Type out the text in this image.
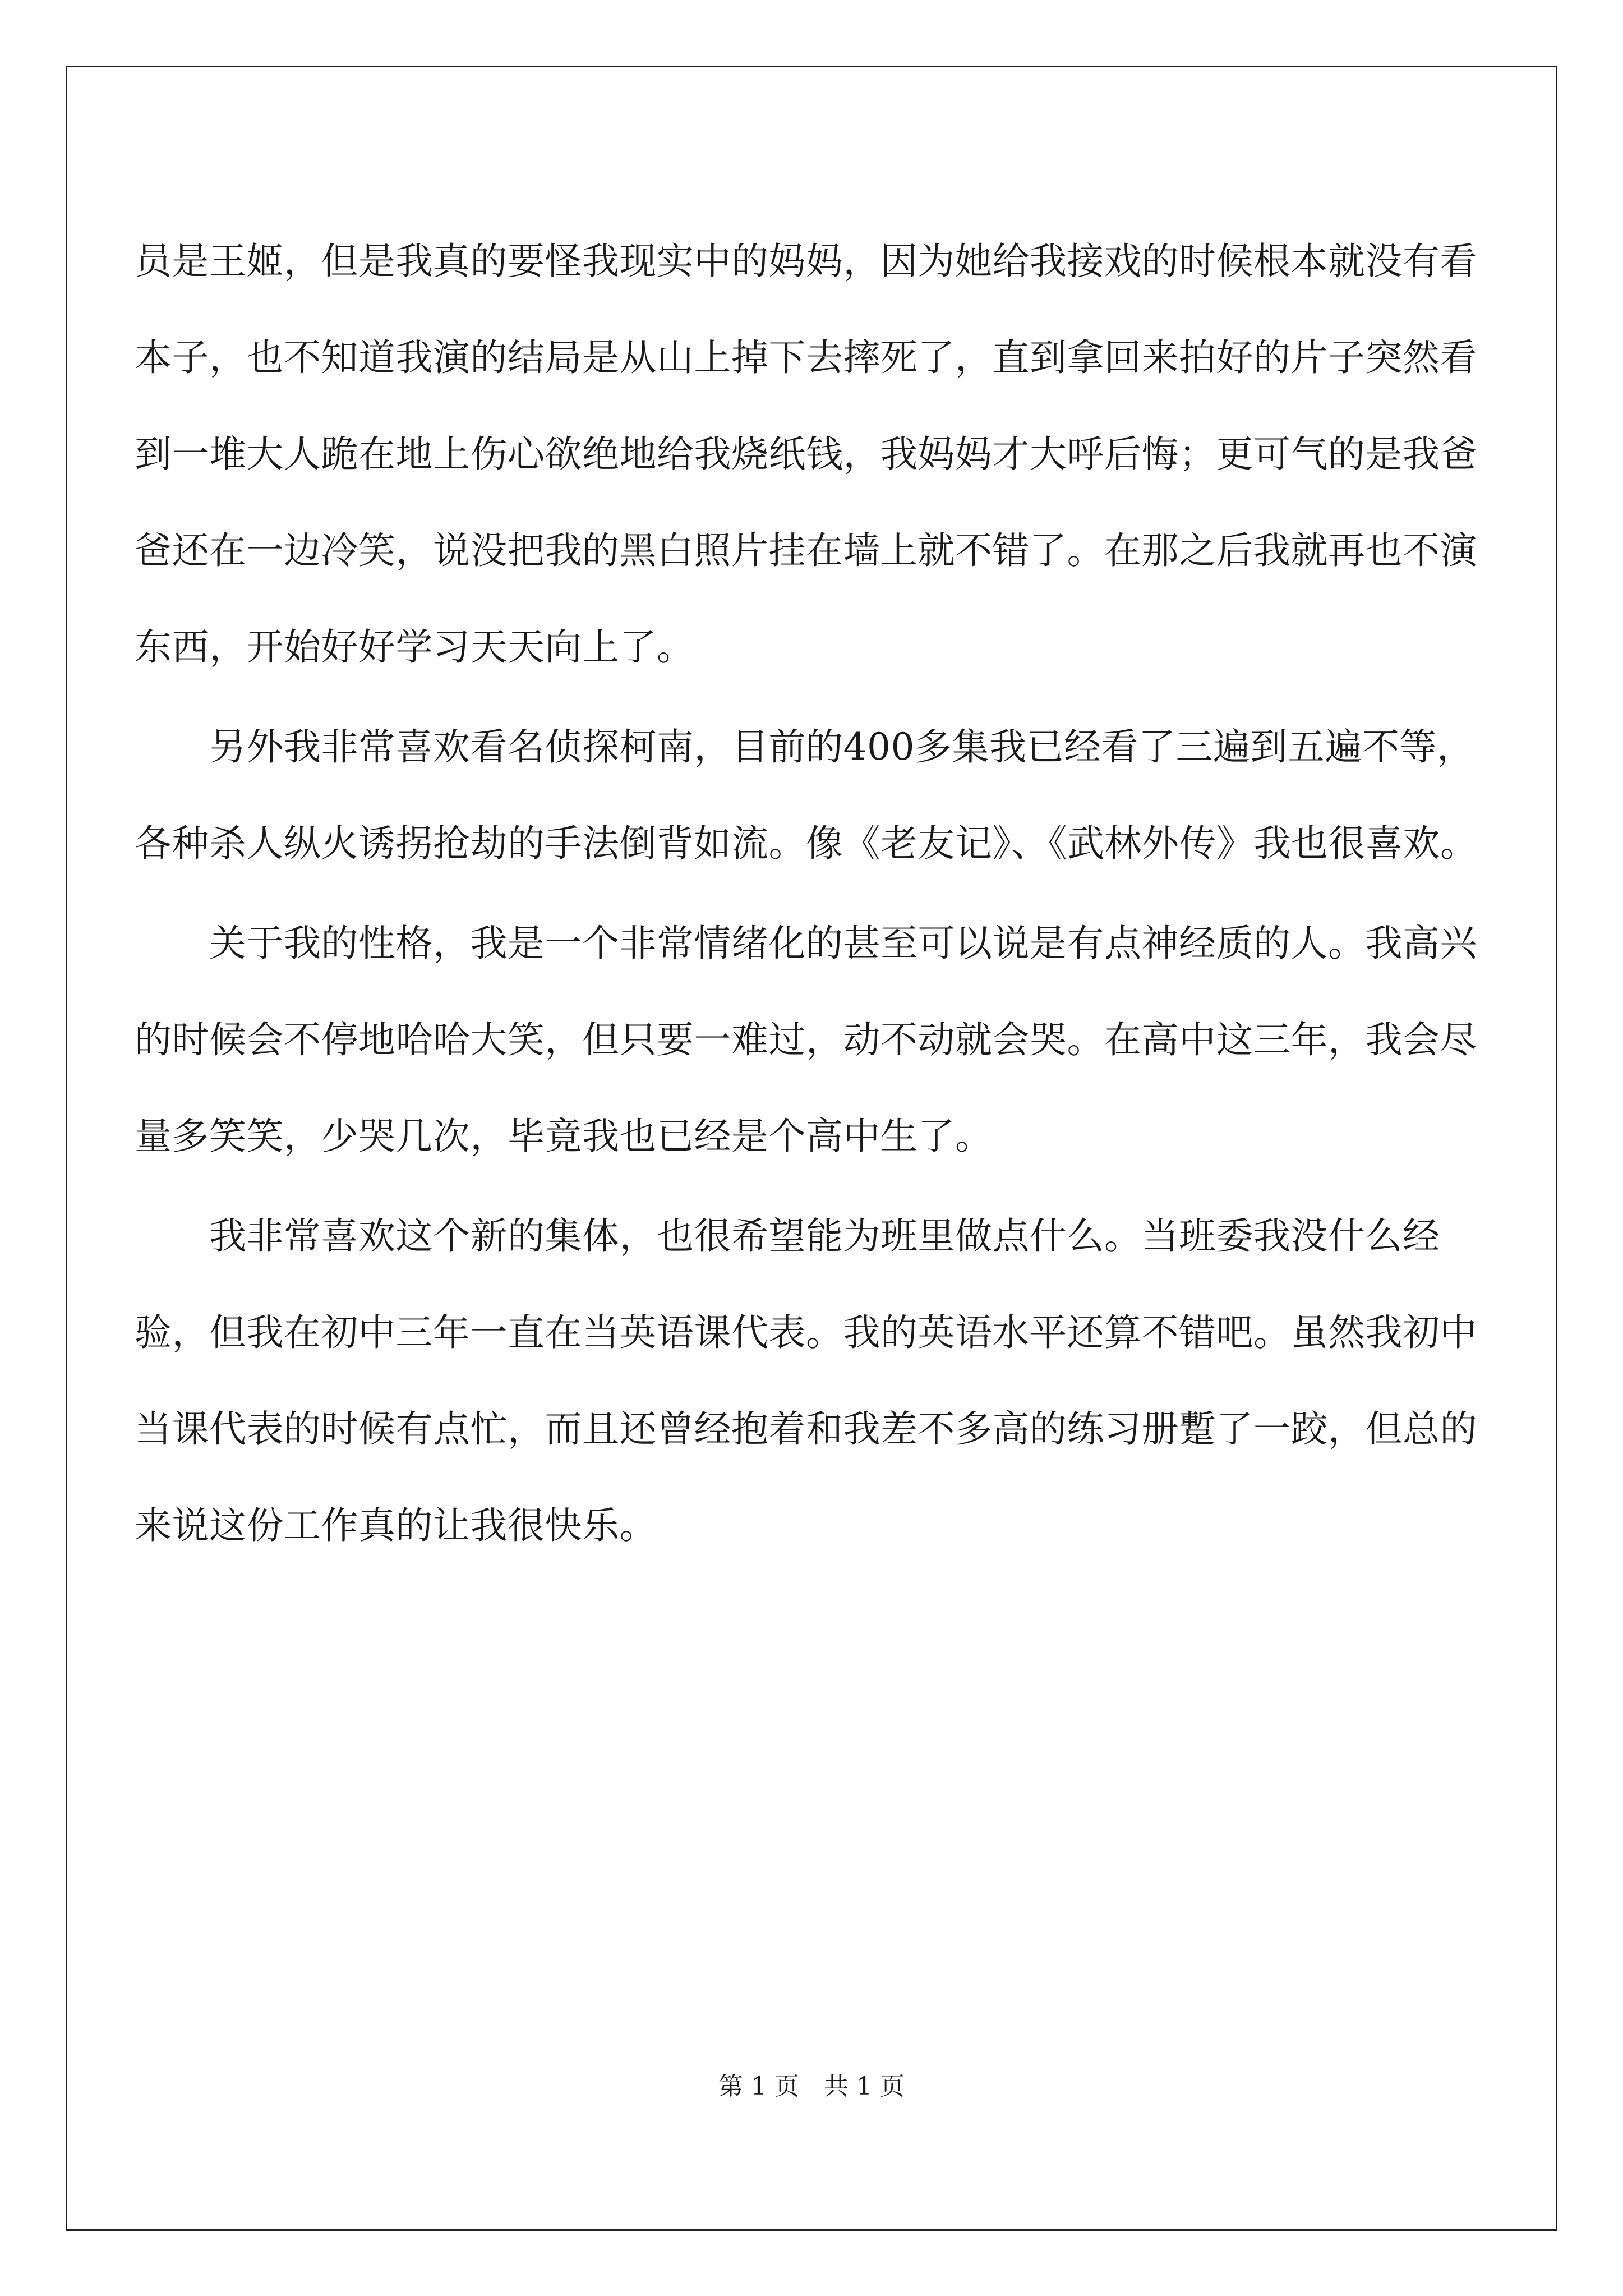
员是王姬，但是我真的要怪我现实中的妈妈，因为她给我接戏的时候根本就没有看本子，也不知道我演的结局是从山上掉下去摔死了，直到拿回来拍好的片子突然看到一堆大人跪在地上伤心欲绝地给我烧纸钱，我妈妈才大呼后悔；更可气的是我爸爸还在一边冷笑，说没把我的黑白照片挂在墙上就不错了。在那之后我就再也不演东西，开始好好学习天天向上了。

　　另外我非常喜欢看名侦探柯南，目前的400多集我已经看了三遍到五遍不等，各种杀人纵火诱拐抢劫的手法倒背如流。像《老友记》、《武林外传》我也很喜欢。

　　关于我的性格，我是一个非常情绪化的甚至可以说是有点神经质的人。我高兴的时候会不停地哈哈大笑，但只要一难过，动不动就会哭。在高中这三年，我会尽量多笑笑，少哭几次，毕竟我也已经是个高中生了。

　　我非常喜欢这个新的集体，也很希望能为班里做点什么。当班委我没什么经验，但我在初中三年一直在当英语课代表。我的英语水平还算不错吧。虽然我初中当课代表的时候有点忙，而且还曾经抱着和我差不多高的练习册蹔了一跤，但总的来说这份工作真的让我很快乐。

第 1 页　共 1 页
